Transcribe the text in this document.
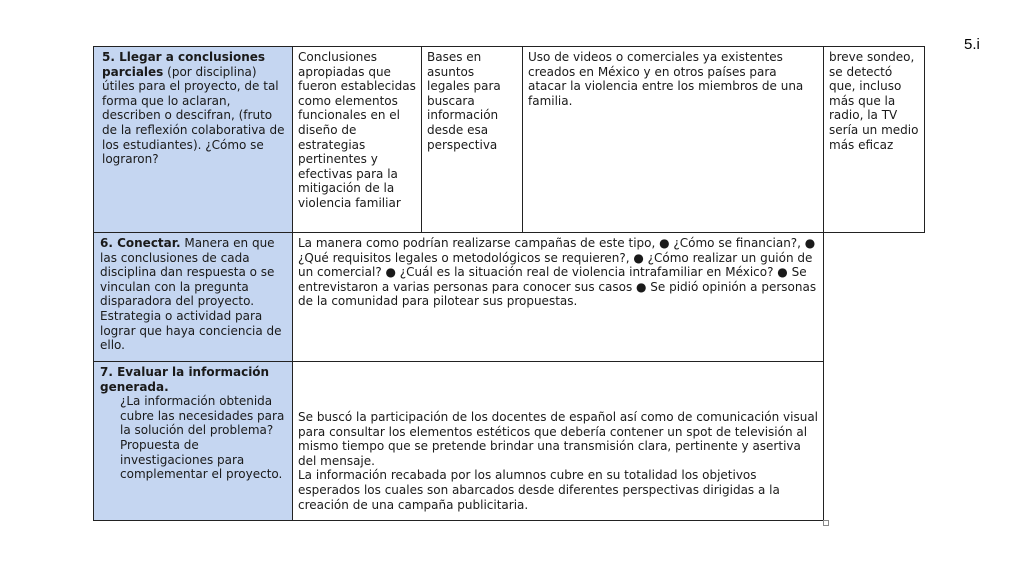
5.i
5. Llegar a conclusiones parciales (por disciplina) útiles para el proyecto, de tal forma que lo aclaran, describen o descifran, (fruto de la reflexión colaborativa de los estudiantes). ¿Cómo se lograron?
Conclusiones apropiadas que fueron establecidas como elementos funcionales en el diseño de estrategias pertinentes y efectivas para la mitigación de la violencia familiar
Bases en asuntos legales para buscara información desde esa perspectiva
Uso de videos o comerciales ya existentes creados en México y en otros países para atacar la violencia entre los miembros de una familia.
breve sondeo, se detectó que, incluso más que la radio, la TV sería un medio más eficaz
6. Conectar. Manera en que las conclusiones de cada disciplina dan respuesta o se vinculan con la pregunta disparadora del proyecto. Estrategia o actividad para lograr que haya conciencia de ello.
La manera como podrían realizarse campañas de este tipo, ● ¿Cómo se financian?, ● ¿Qué requisitos legales o metodológicos se requieren?, ● ¿Cómo realizar un guión de un comercial? ● ¿Cuál es la situación real de violencia intrafamiliar en México? ● Se entrevistaron a varias personas para conocer sus casos ● Se pidió opinión a personas de la comunidad para pilotear sus propuestas.
7. Evaluar la información generada.
¿La información obtenida cubre las necesidades para la solución del problema?
Propuesta de investigaciones para complementar el proyecto.
Se buscó la participación de los docentes de español así como de comunicación visual para consultar los elementos estéticos que debería contener un spot de televisión al mismo tiempo que se pretende brindar una transmisión clara, pertinente y asertiva del mensaje.
La información recabada por los alumnos cubre en su totalidad los objetivos esperados los cuales son abarcados desde diferentes perspectivas dirigidas a la creación de una campaña publicitaria.
